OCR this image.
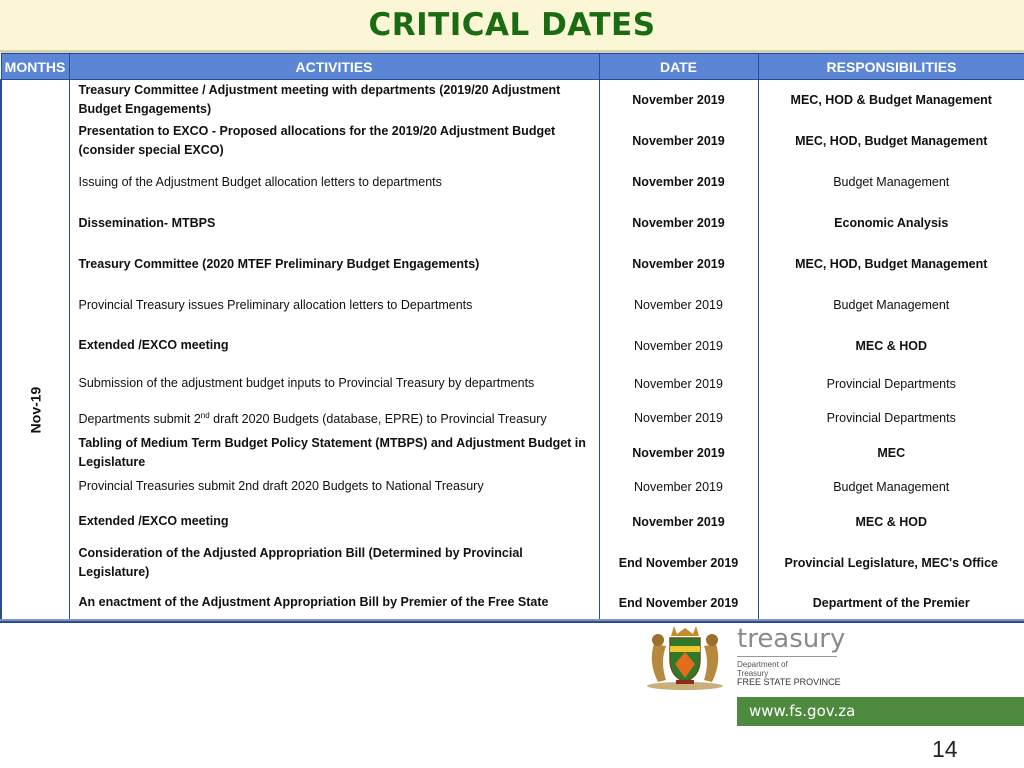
CRITICAL DATES
MONTHS	ACTIVITIES	DATE	RESPONSIBILITIES

Nov-19	Treasury Committee / Adjustment meeting with departments (2019/20 Adjustment Budget Engagements)	November 2019	MEC, HOD & Budget Management
	Presentation to EXCO - Proposed allocations for the 2019/20 Adjustment Budget (consider special EXCO)	November 2019	MEC, HOD, Budget Management
	Issuing of the Adjustment Budget allocation letters to departments	November 2019	Budget Management
	Dissemination- MTBPS	November 2019	Economic Analysis
	Treasury Committee (2020 MTEF Preliminary Budget Engagements)	November 2019	MEC, HOD, Budget Management
	Provincial Treasury issues Preliminary allocation letters to Departments	November 2019	Budget Management
	Extended /EXCO meeting	November 2019	MEC & HOD
	Submission of the adjustment budget inputs to Provincial Treasury by departments	November 2019	Provincial Departments
	Departments submit 2nd draft 2020 Budgets (database, EPRE) to Provincial Treasury	November 2019	Provincial Departments
	Tabling of Medium Term Budget Policy Statement (MTBPS) and Adjustment Budget in Legislature	November 2019	MEC
	Provincial Treasuries submit 2nd draft 2020 Budgets to National Treasury	November 2019	Budget Management
	Extended /EXCO meeting	November 2019	MEC & HOD
	Consideration of the Adjusted Appropriation Bill (Determined by Provincial Legislature)	End November 2019	Provincial Legislature, MEC's Office
	An enactment of the Adjustment Appropriation Bill by Premier of the Free State	End November 2019	Department of the Premier
treasury
Department of
Treasury
FREE STATE PROVINCE
www.fs.gov.za
14
